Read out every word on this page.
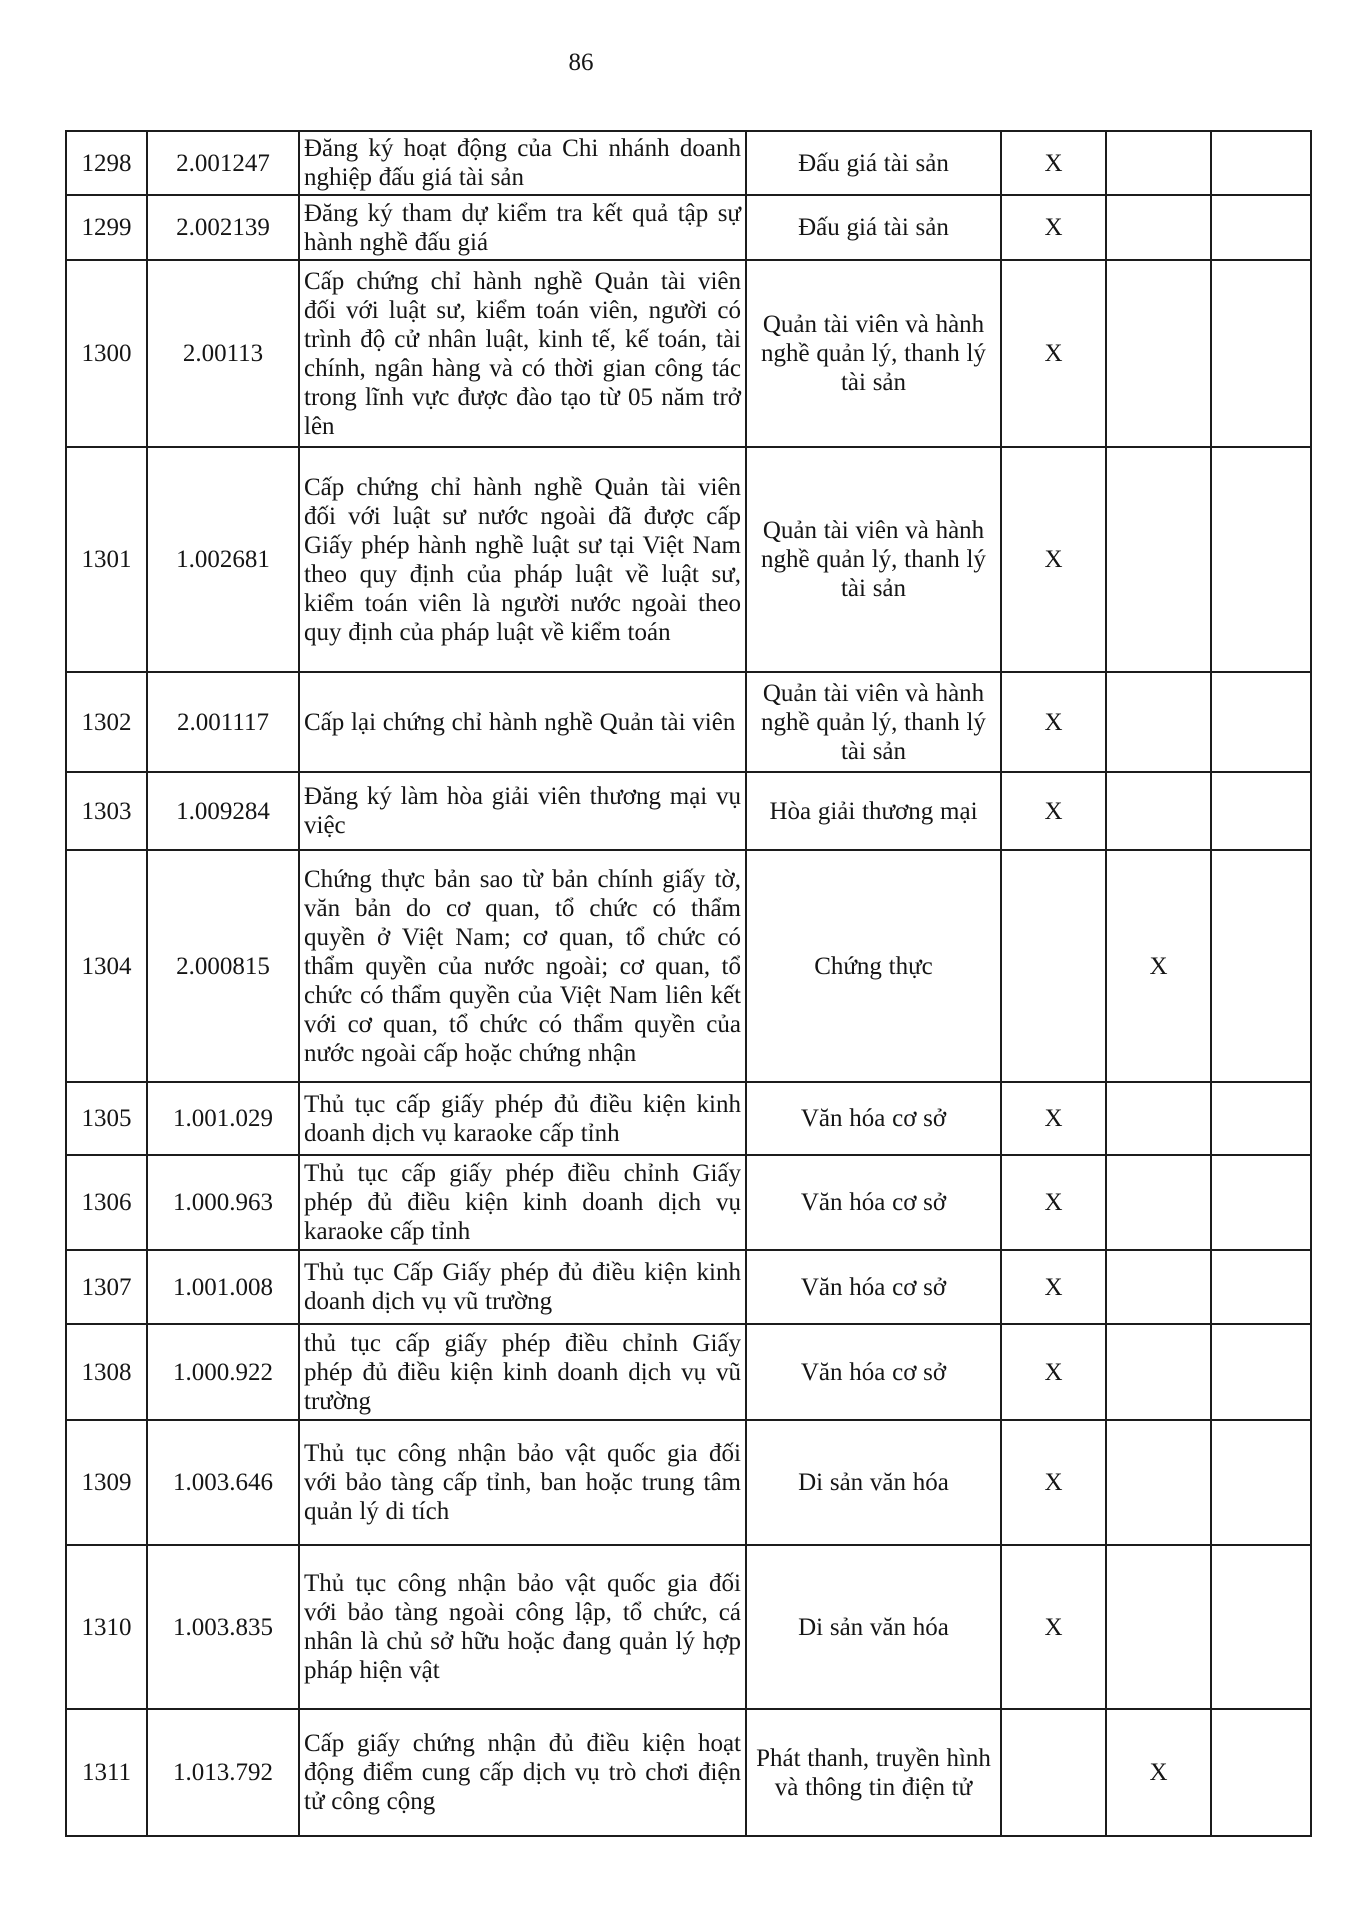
86
1298	2.001247	Đăng ký hoạt động của Chi nhánh doanh nghiệp đấu giá tài sản	Đấu giá tài sản	X		
1299	2.002139	Đăng ký tham dự kiểm tra kết quả tập sự hành nghề đấu giá	Đấu giá tài sản	X		
1300	2.00113	Cấp chứng chỉ hành nghề Quản tài viên đối với luật sư, kiểm toán viên, người có trình độ cử nhân luật, kinh tế, kế toán, tài chính, ngân hàng và có thời gian công tác trong lĩnh vực được đào tạo từ 05 năm trở lên	Quản tài viên và hành nghề quản lý, thanh lý tài sản	X		
1301	1.002681	Cấp chứng chỉ hành nghề Quản tài viên đối với luật sư nước ngoài đã được cấp Giấy phép hành nghề luật sư tại Việt Nam theo quy định của pháp luật về luật sư, kiểm toán viên là người nước ngoài theo quy định của pháp luật về kiểm toán	Quản tài viên và hành nghề quản lý, thanh lý tài sản	X		
1302	2.001117	Cấp lại chứng chỉ hành nghề Quản tài viên	Quản tài viên và hành nghề quản lý, thanh lý tài sản	X		
1303	1.009284	Đăng ký làm hòa giải viên thương mại vụ việc	Hòa giải thương mại	X		
1304	2.000815	Chứng thực bản sao từ bản chính giấy tờ, văn bản do cơ quan, tổ chức có thẩm quyền ở Việt Nam; cơ quan, tổ chức có thẩm quyền của nước ngoài; cơ quan, tổ chức có thẩm quyền của Việt Nam liên kết với cơ quan, tổ chức có thẩm quyền của nước ngoài cấp hoặc chứng nhận	Chứng thực		X	
1305	1.001.029	Thủ tục cấp giấy phép đủ điều kiện kinh doanh dịch vụ karaoke cấp tỉnh	Văn hóa cơ sở	X		
1306	1.000.963	Thủ tục cấp giấy phép điều chỉnh Giấy phép đủ điều kiện kinh doanh dịch vụ karaoke cấp tỉnh	Văn hóa cơ sở	X		
1307	1.001.008	Thủ tục Cấp Giấy phép đủ điều kiện kinh doanh dịch vụ vũ trường	Văn hóa cơ sở	X		
1308	1.000.922	thủ tục cấp giấy phép điều chỉnh Giấy phép đủ điều kiện kinh doanh dịch vụ vũ trường	Văn hóa cơ sở	X		
1309	1.003.646	Thủ tục công nhận bảo vật quốc gia đối với bảo tàng cấp tỉnh, ban hoặc trung tâm quản lý di tích	Di sản văn hóa	X		
1310	1.003.835	Thủ tục công nhận bảo vật quốc gia đối với bảo tàng ngoài công lập, tổ chức, cá nhân là chủ sở hữu hoặc đang quản lý hợp pháp hiện vật	Di sản văn hóa	X		
1311	1.013.792	Cấp giấy chứng nhận đủ điều kiện hoạt động điểm cung cấp dịch vụ trò chơi điện tử công cộng	Phát thanh, truyền hình và thông tin điện tử		X	
